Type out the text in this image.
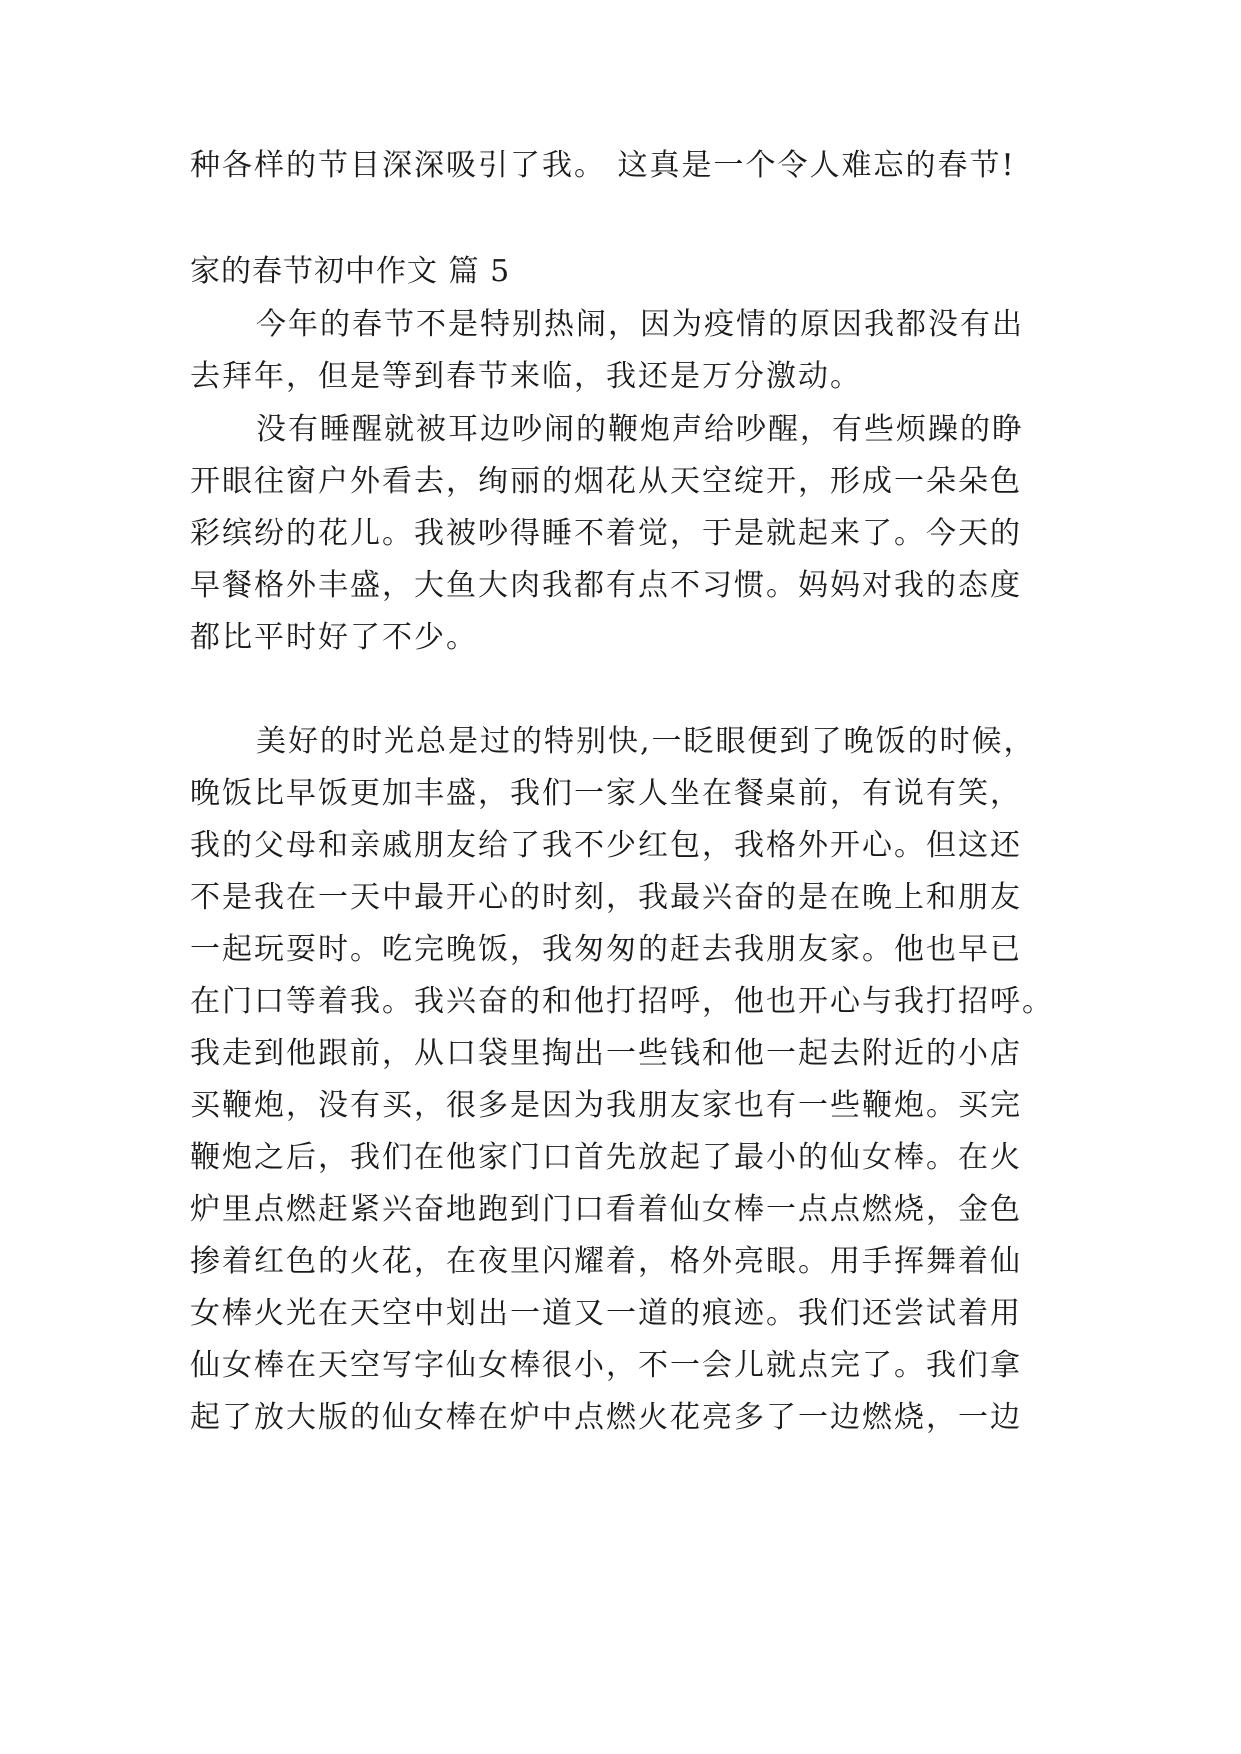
种各样的节目深深吸引了我。 这真是一个令人难忘的春节!
家的春节初中作文 篇 5
今年的春节不是特别热闹，因为疫情的原因我都没有出
去拜年，但是等到春节来临，我还是万分激动。
没有睡醒就被耳边吵闹的鞭炮声给吵醒，有些烦躁的睁
开眼往窗户外看去，绚丽的烟花从天空绽开，形成一朵朵色
彩缤纷的花儿。我被吵得睡不着觉，于是就起来了。今天的
早餐格外丰盛，大鱼大肉我都有点不习惯。妈妈对我的态度
都比平时好了不少。
美好的时光总是过的特别快,一眨眼便到了晚饭的时候，
晚饭比早饭更加丰盛，我们一家人坐在餐桌前，有说有笑，
我的父母和亲戚朋友给了我不少红包，我格外开心。但这还
不是我在一天中最开心的时刻，我最兴奋的是在晚上和朋友
一起玩耍时。吃完晚饭，我匆匆的赶去我朋友家。他也早已
在门口等着我。我兴奋的和他打招呼，他也开心与我打招呼。
我走到他跟前，从口袋里掏出一些钱和他一起去附近的小店
买鞭炮，没有买，很多是因为我朋友家也有一些鞭炮。买完
鞭炮之后，我们在他家门口首先放起了最小的仙女棒。在火
炉里点燃赶紧兴奋地跑到门口看着仙女棒一点点燃烧，金色
掺着红色的火花，在夜里闪耀着，格外亮眼。用手挥舞着仙
女棒火光在天空中划出一道又一道的痕迹。我们还尝试着用
仙女棒在天空写字仙女棒很小，不一会儿就点完了。我们拿
起了放大版的仙女棒在炉中点燃火花亮多了一边燃烧，一边
